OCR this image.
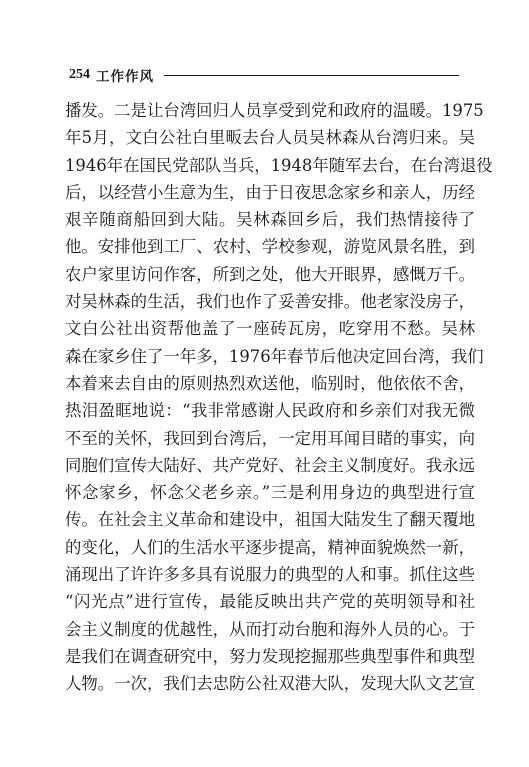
254 工作作风
播发。二是让台湾回归人员享受到党和政府的温暖。1975
年5月，文白公社白里畈去台人员吴林森从台湾归来。吴
1946年在国民党部队当兵，1948年随军去台，在台湾退役
后，以经营小生意为生，由于日夜思念家乡和亲人，历经
艰辛随商船回到大陆。吴林森回乡后，我们热情接待了
他。安排他到工厂、农村、学校参观，游览风景名胜，到
农户家里访问作客，所到之处，他大开眼界，感慨万千。
对吴林森的生活，我们也作了妥善安排。他老家没房子，
文白公社出资帮他盖了一座砖瓦房，吃穿用不愁。吴林
森在家乡住了一年多，1976年春节后他决定回台湾，我们
本着来去自由的原则热烈欢送他，临别时，他依依不舍，
热泪盈眶地说：“我非常感谢人民政府和乡亲们对我无微
不至的关怀，我回到台湾后，一定用耳闻目睹的事实，向
同胞们宣传大陆好、共产党好、社会主义制度好。我永远
怀念家乡，怀念父老乡亲。”三是利用身边的典型进行宣
传。在社会主义革命和建设中，祖国大陆发生了翻天覆地
的变化，人们的生活水平逐步提高，精神面貌焕然一新，
涌现出了许许多多具有说服力的典型的人和事。抓住这些
“闪光点”进行宣传，最能反映出共产党的英明领导和社
会主义制度的优越性，从而打动台胞和海外人员的心。于
是我们在调查研究中，努力发现挖掘那些典型事件和典型
人物。一次，我们去忠防公社双港大队，发现大队文艺宣
